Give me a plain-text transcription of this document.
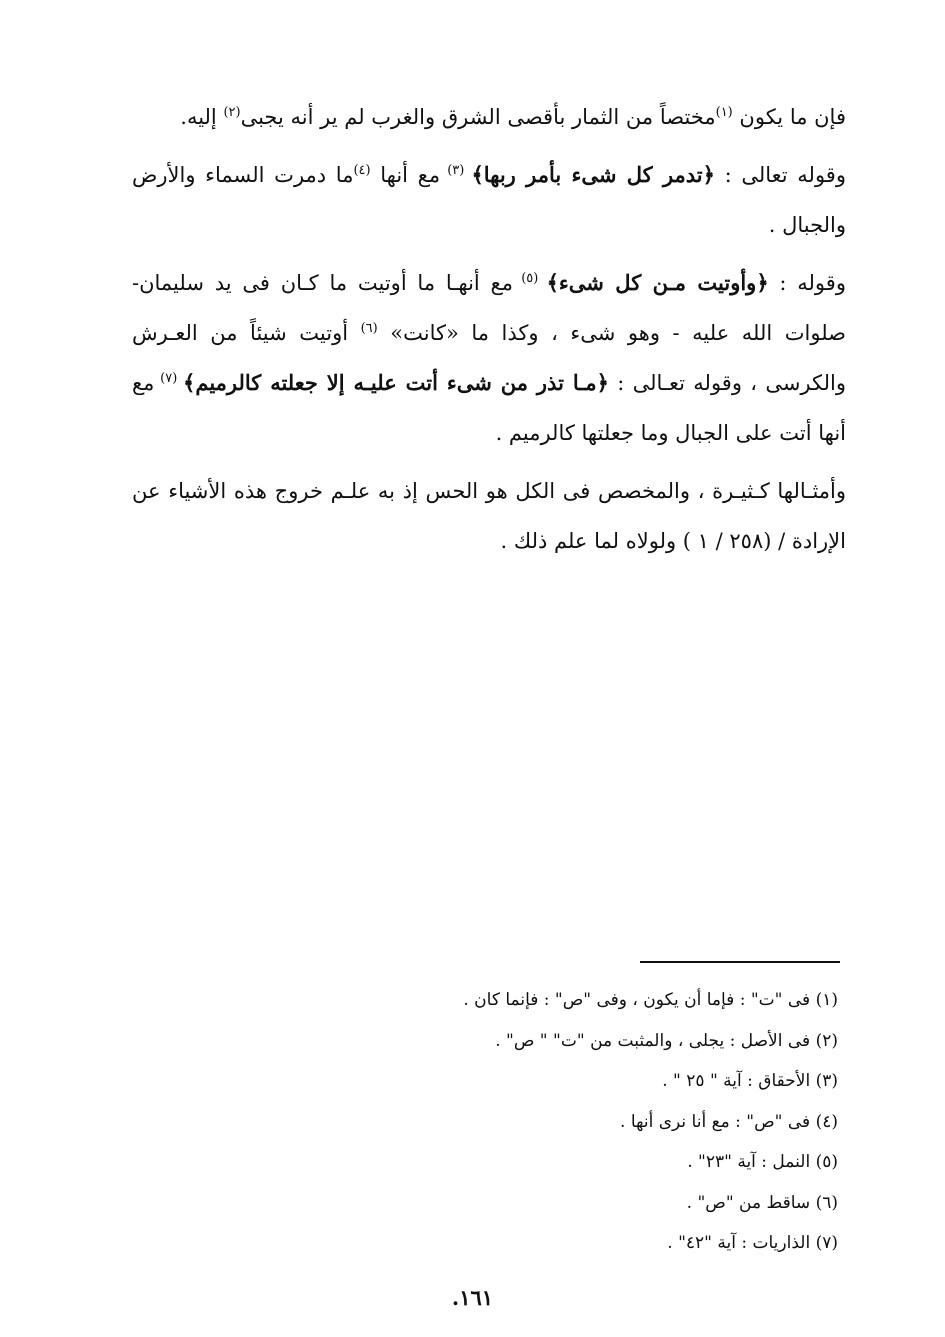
فإن ما يكون $^{(١)}$مختصاً من الثمار بأقصى الشرق والغرب لم ير أنه يجبى$^{(٢)}$ إليه.

وقوله تعالى : ﴿تدمر كل شىء بأمر ربها﴾ $^{(٣)}$ مع أنها $^{(٤)}$ما دمرت السماء والأرض والجبال .

وقوله : ﴿وأوتيت مـن كل شىء﴾ $^{(٥)}$ مع أنهـا ما أوتيت ما كـان فى يد سليمان- صلوات الله عليه - وهو شىء ، وكذا ما «كانت» $^{(٦)}$ أوتيت شيئاً من العـرش والكرسى ، وقوله تعـالى : ﴿مـا تذر من شىء أتت عليـه إلا جعلته كالرميم﴾ $^{(٧)}$ مع أنها أتت على الجبال وما جعلتها كالرميم .

وأمثـالها كـثيـرة ، والمخصص فى الكل هو الحس إذ به علـم خروج هذه الأشياء عن الإرادة / (٢٥٨ / ١ ) ولولاه لما علم ذلك .

(١) فى "ت" : فإما أن يكون ، وفى "ص" : فإنما كان .
(٢) فى الأصل : يجلى ، والمثبت من "ت" " ص" .
(٣) الأحقاق : آية " ٢٥ " .
(٤) فى "ص" : مع أنا نرى أنها .
(٥) النمل : آية "٢٣" .
(٦) ساقط من "ص" .
(٧) الذاريات : آية "٤٢" .
١٦١.
